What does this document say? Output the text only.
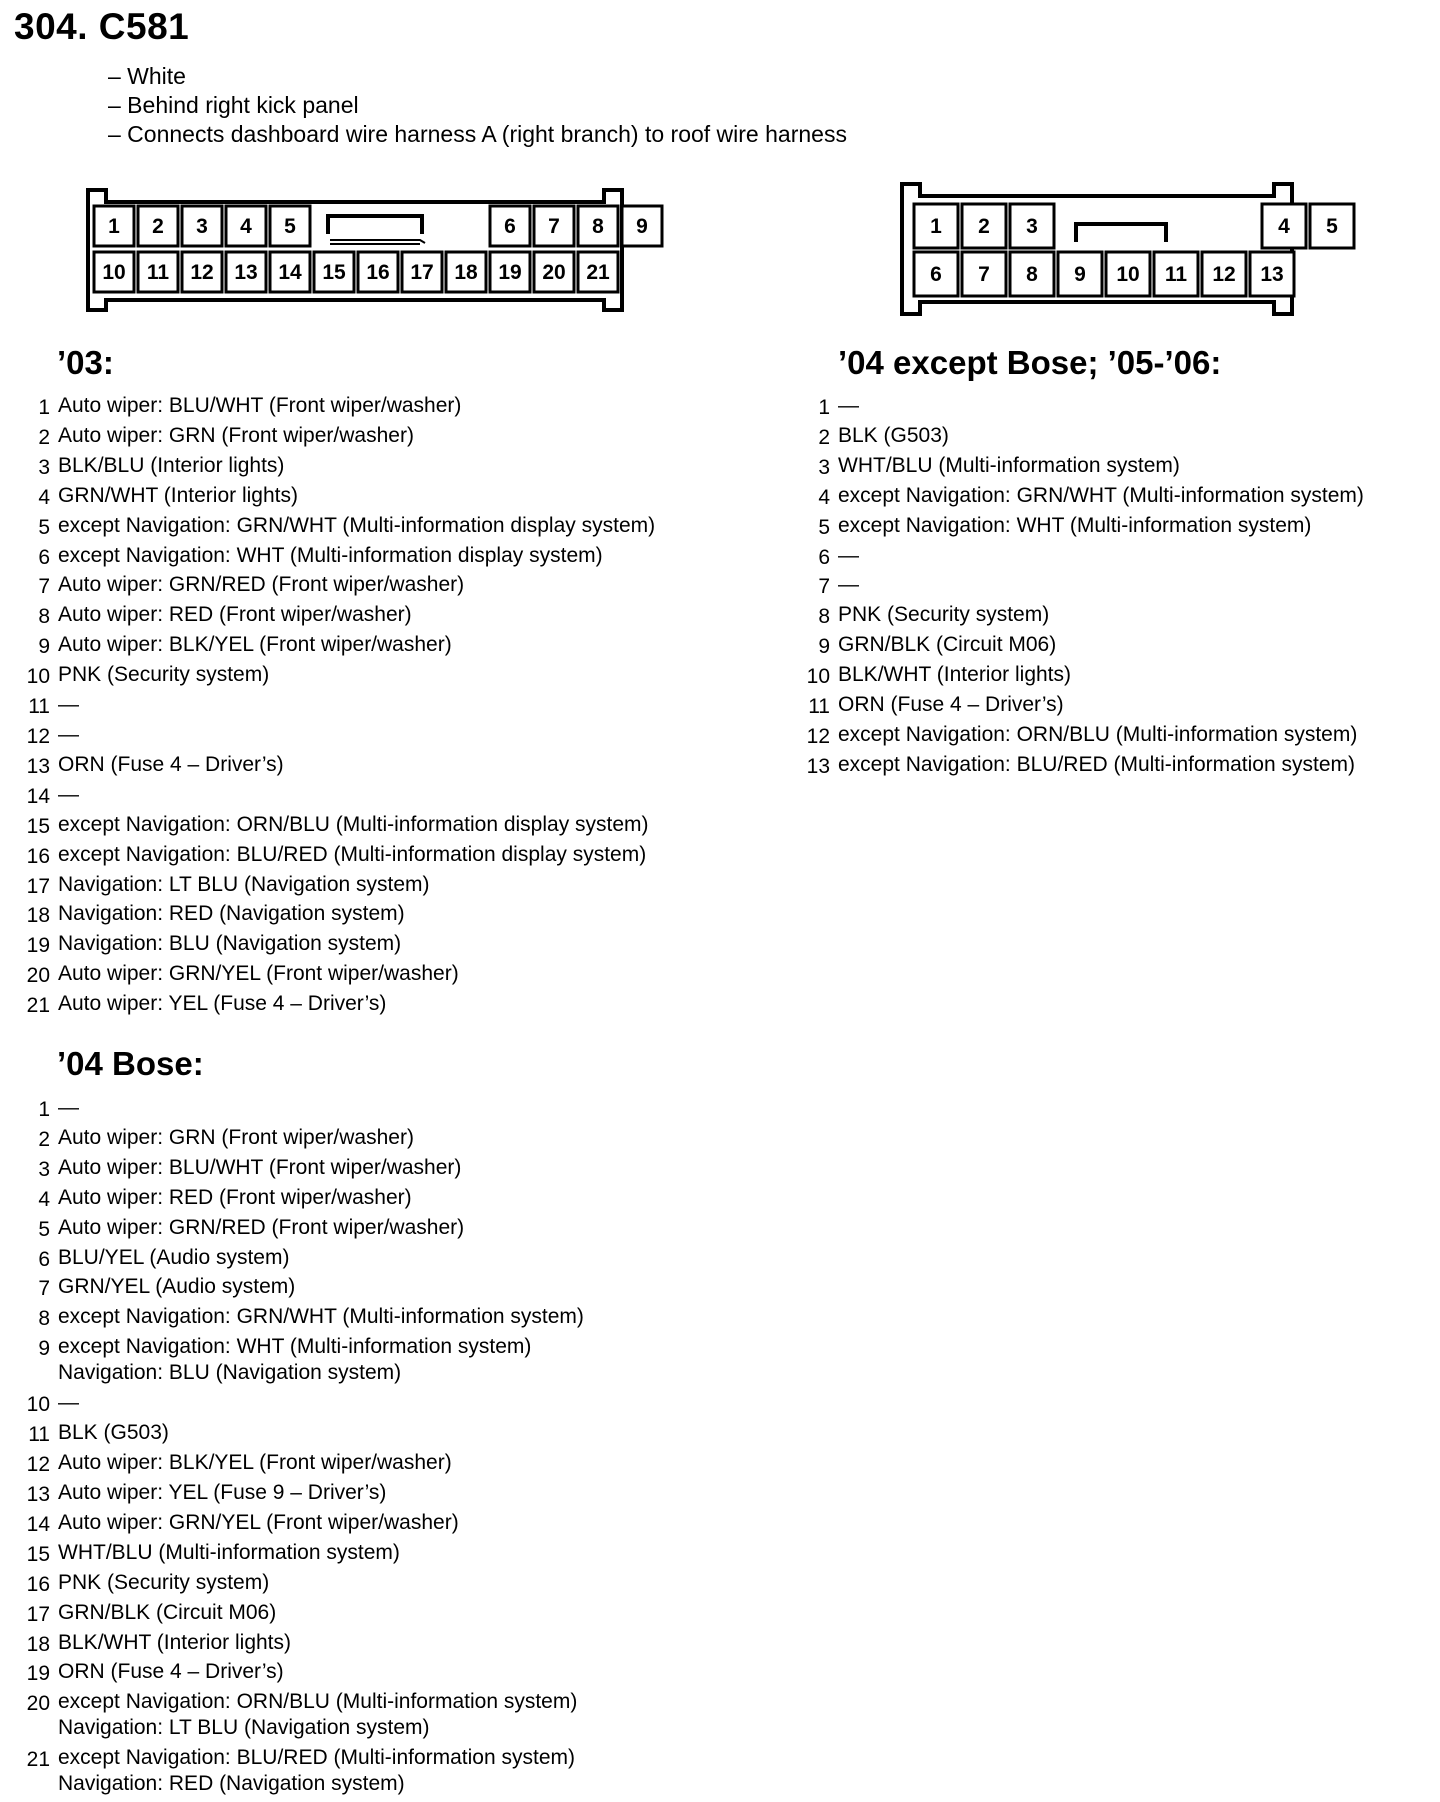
304. C581
– White
– Behind right kick panel
– Connects dashboard wire harness A (right branch) to roof wire harness
1 2 3 4 5	6 7 8 9
10 11 12 13 14 15 16 17 18 19 20 21
1 2 3	4 5
6 7 8 9 10 11 12 13
’03:
1 Auto wiper: BLU/WHT (Front wiper/washer)
2 Auto wiper: GRN (Front wiper/washer)
3 BLK/BLU (Interior lights)
4 GRN/WHT (Interior lights)
5 except Navigation: GRN/WHT (Multi-information display system)
6 except Navigation: WHT (Multi-information display system)
7 Auto wiper: GRN/RED (Front wiper/washer)
8 Auto wiper: RED (Front wiper/washer)
9 Auto wiper: BLK/YEL (Front wiper/washer)
10 PNK (Security system)
11 —
12 —
13 ORN (Fuse 4 – Driver’s)
14 —
15 except Navigation: ORN/BLU (Multi-information display system)
16 except Navigation: BLU/RED (Multi-information display system)
17 Navigation: LT BLU (Navigation system)
18 Navigation: RED (Navigation system)
19 Navigation: BLU (Navigation system)
20 Auto wiper: GRN/YEL (Front wiper/washer)
21 Auto wiper: YEL (Fuse 4 – Driver’s)
’04 except Bose; ’05-’06:
1 —
2 BLK (G503)
3 WHT/BLU (Multi-information system)
4 except Navigation: GRN/WHT (Multi-information system)
5 except Navigation: WHT (Multi-information system)
6 —
7 —
8 PNK (Security system)
9 GRN/BLK (Circuit M06)
10 BLK/WHT (Interior lights)
11 ORN (Fuse 4 – Driver’s)
12 except Navigation: ORN/BLU (Multi-information system)
13 except Navigation: BLU/RED (Multi-information system)
’04 Bose:
1 —
2 Auto wiper: GRN (Front wiper/washer)
3 Auto wiper: BLU/WHT (Front wiper/washer)
4 Auto wiper: RED (Front wiper/washer)
5 Auto wiper: GRN/RED (Front wiper/washer)
6 BLU/YEL (Audio system)
7 GRN/YEL (Audio system)
8 except Navigation: GRN/WHT (Multi-information system)
9 except Navigation: WHT (Multi-information system)
Navigation: BLU (Navigation system)
10 —
11 BLK (G503)
12 Auto wiper: BLK/YEL (Front wiper/washer)
13 Auto wiper: YEL (Fuse 9 – Driver’s)
14 Auto wiper: GRN/YEL (Front wiper/washer)
15 WHT/BLU (Multi-information system)
16 PNK (Security system)
17 GRN/BLK (Circuit M06)
18 BLK/WHT (Interior lights)
19 ORN (Fuse 4 – Driver’s)
20 except Navigation: ORN/BLU (Multi-information system)
Navigation: LT BLU (Navigation system)
21 except Navigation: BLU/RED (Multi-information system)
Navigation: RED (Navigation system)
